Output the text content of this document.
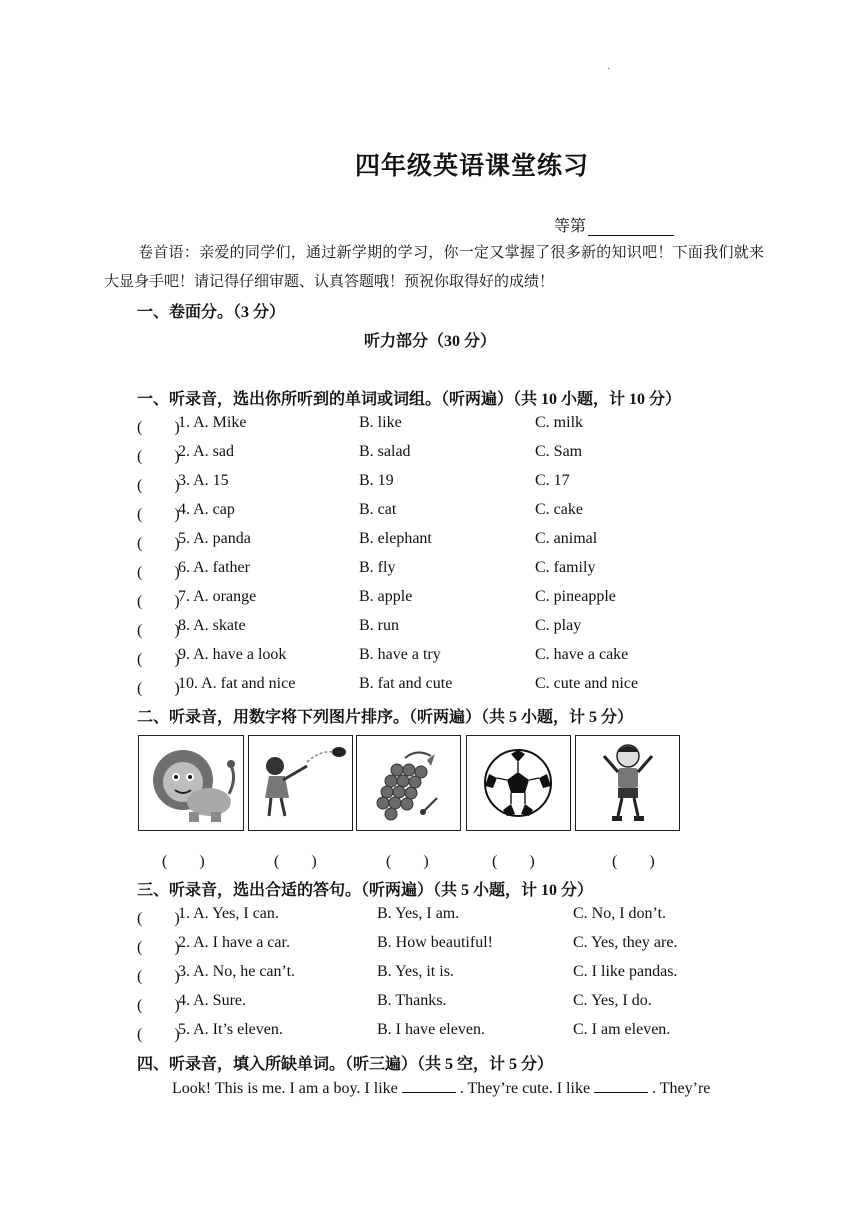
·
四年级英语课堂练习
等第
卷首语：亲爱的同学们，通过新学期的学习，你一定又掌握了很多新的知识吧！下面我们就来大显身手吧！请记得仔细审题、认真答题哦！预祝你取得好的成绩！
一、卷面分。（3 分）
听力部分（30 分）
一、听录音，选出你所听到的单词或词组。（听两遍）（共 10 小题，计 10 分）
(　　)
1. A. Mike	B. like	C. milk
(　　)
2. A. sad	B. salad	C. Sam
(　　)
3. A. 15	B. 19	C. 17
(　　)
4. A. cap	B. cat	C. cake
(　　)
5. A. panda	B. elephant	C. animal
(　　)
6. A. father	B. fly	C. family
(　　)
7. A. orange	B. apple	C. pineapple
(　　)
8. A. skate	B. run	C. play
(　　)
9. A. have a look	B. have a try	C. have a cake
(　　)
10. A. fat and nice	B. fat and cute	C. cute and nice
二、听录音，用数字将下列图片排序。（听两遍）（共 5 小题，计 5 分）
(　　)	(　　)	(　　)	(　　)	(　　)
三、听录音，选出合适的答句。（听两遍）（共 5 小题，计 10 分）
(　　)
1. A. Yes, I can.	B. Yes, I am.	C. No, I don’t.
(　　)
2. A. I have a car.	B. How beautiful!	C. Yes, they are.
(　　)
3. A. No, he can’t.	B. Yes, it is.	C. I like pandas.
(　　)
4. A. Sure.	B. Thanks.	C. Yes, I do.
(　　)
5. A. It’s eleven.	B. I have eleven.	C. I am eleven.
四、听录音，填入所缺单词。（听三遍）（共 5 空，计 5 分）
Look! This is me. I am a boy. I like	. They’re cute. I like	. They’re
